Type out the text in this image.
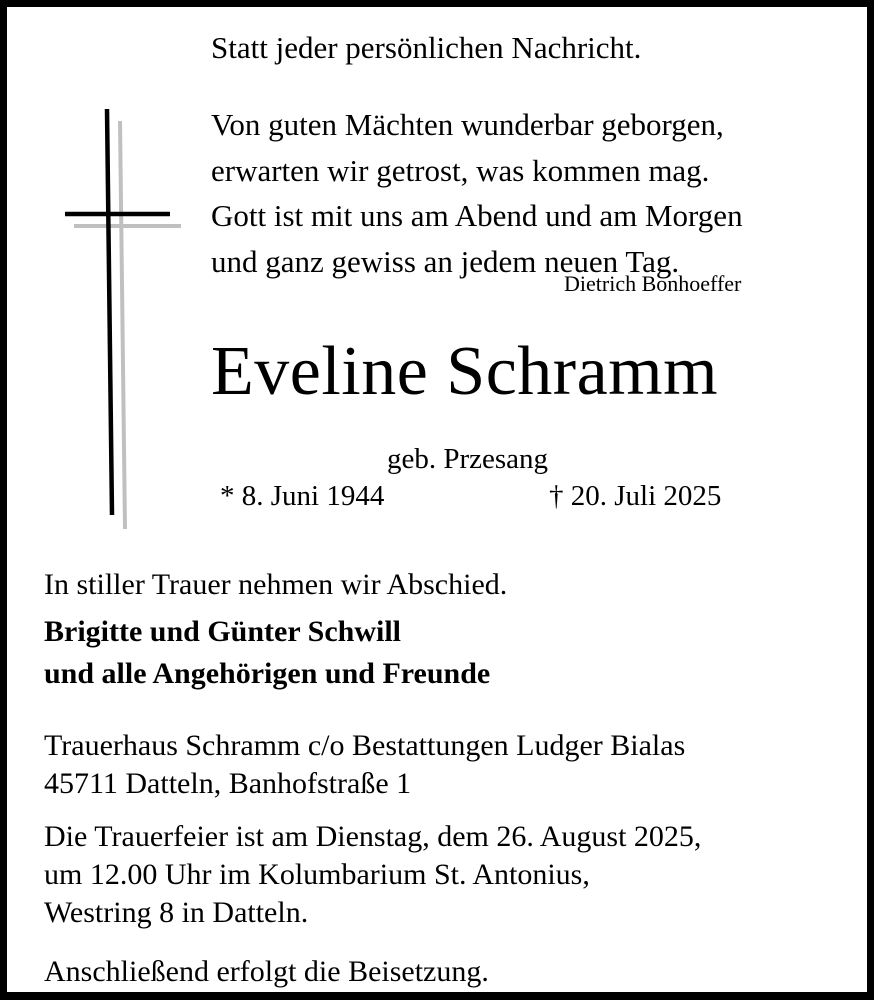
Statt jeder persönlichen Nachricht.
Von guten Mächten wunderbar geborgen,
erwarten wir getrost, was kommen mag.
Gott ist mit uns am Abend und am Morgen
und ganz gewiss an jedem neuen Tag.
Dietrich Bonhoeffer
Eveline Schramm
geb. Przesang
* 8. Juni 1944	† 20. Juli 2025
In stiller Trauer nehmen wir Abschied.
Brigitte und Günter Schwill
und alle Angehörigen und Freunde
Trauerhaus Schramm c/o Bestattungen Ludger Bialas
45711 Datteln, Banhofstraße 1
Die Trauerfeier ist am Dienstag, dem 26. August 2025,
um 12.00 Uhr im Kolumbarium St. Antonius,
Westring 8 in Datteln.
Anschließend erfolgt die Beisetzung.
